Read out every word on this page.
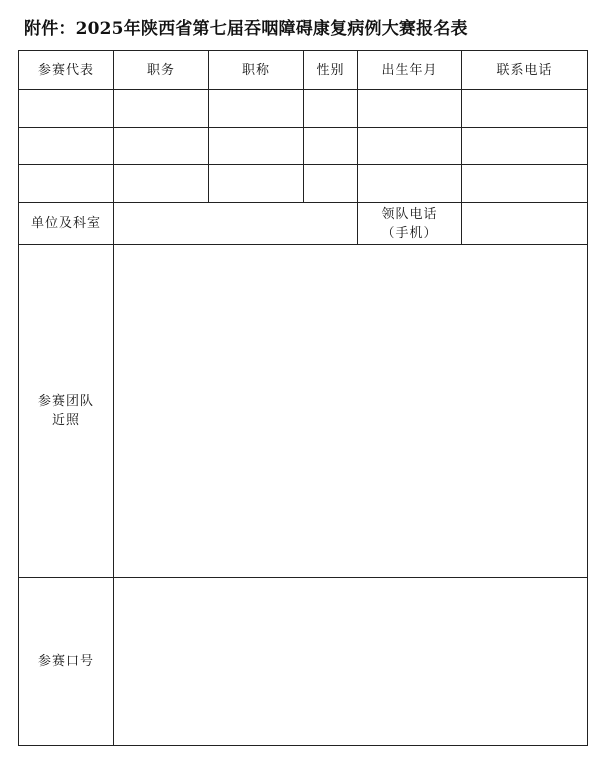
附件：2025年陕西省第七届吞咽障碍康复病例大赛报名表
参赛代表	职务	职称	性别	出生年月	联系电话

单位及科室				领队电话
（手机）	

参赛团队
近照					

参赛口号					
